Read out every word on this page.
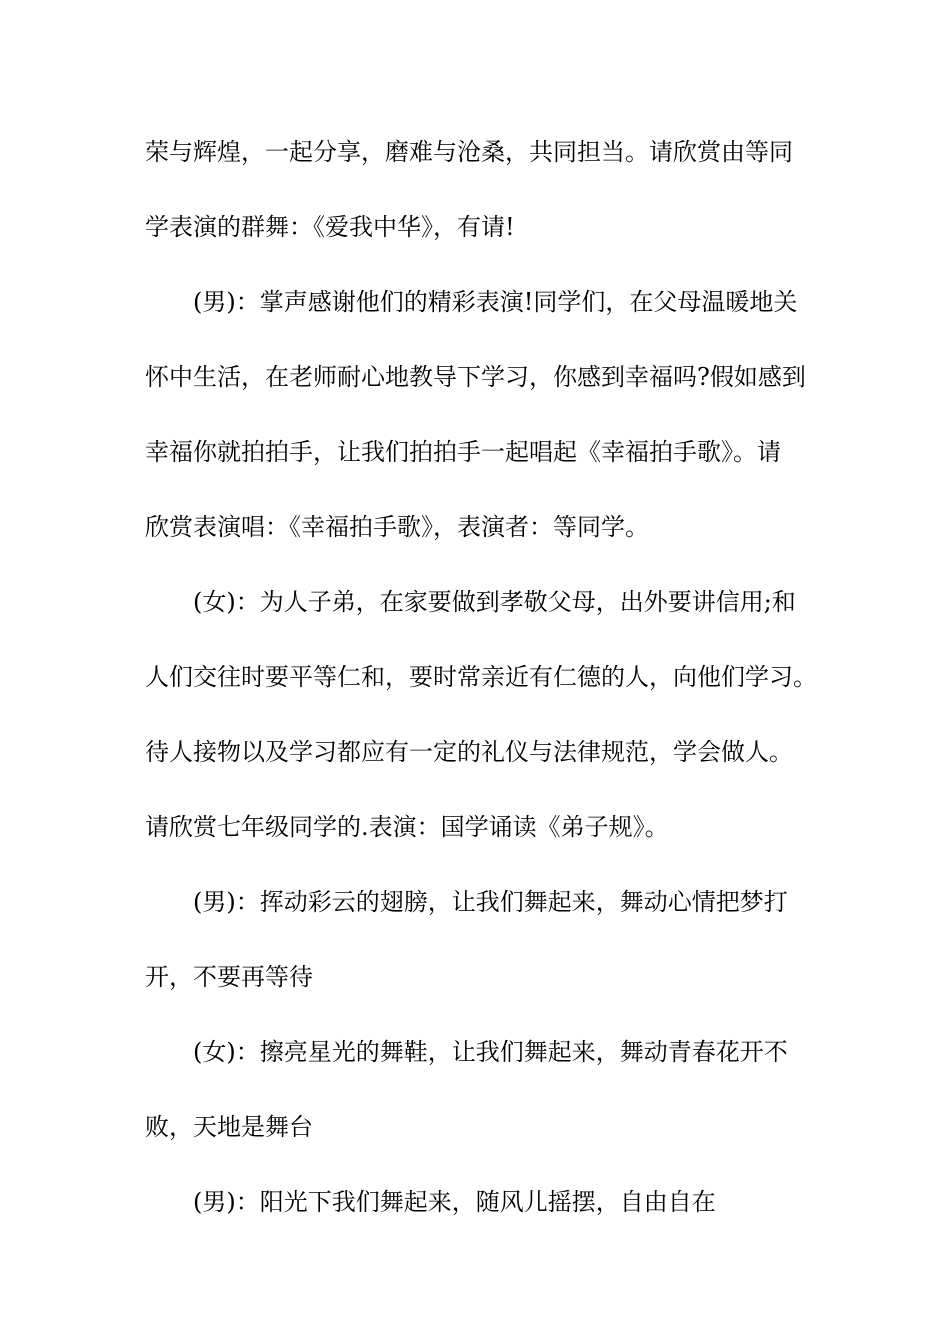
荣与辉煌，一起分享，磨难与沧桑，共同担当。请欣赏由等同
学表演的群舞：《爱我中华》，有请!
(男)：掌声感谢他们的精彩表演!同学们，在父母温暖地关
怀中生活，在老师耐心地教导下学习，你感到幸福吗?假如感到
幸福你就拍拍手，让我们拍拍手一起唱起《幸福拍手歌》。请
欣赏表演唱：《幸福拍手歌》，表演者：等同学。
(女)：为人子弟，在家要做到孝敬父母，出外要讲信用;和
人们交往时要平等仁和，要时常亲近有仁德的人，向他们学习。
待人接物以及学习都应有一定的礼仪与法律规范，学会做人。
请欣赏七年级同学的.表演：国学诵读《弟子规》。
(男)：挥动彩云的翅膀，让我们舞起来，舞动心情把梦打
开，不要再等待
(女)：擦亮星光的舞鞋，让我们舞起来，舞动青春花开不
败，天地是舞台
(男)：阳光下我们舞起来，随风儿摇摆，自由自在
